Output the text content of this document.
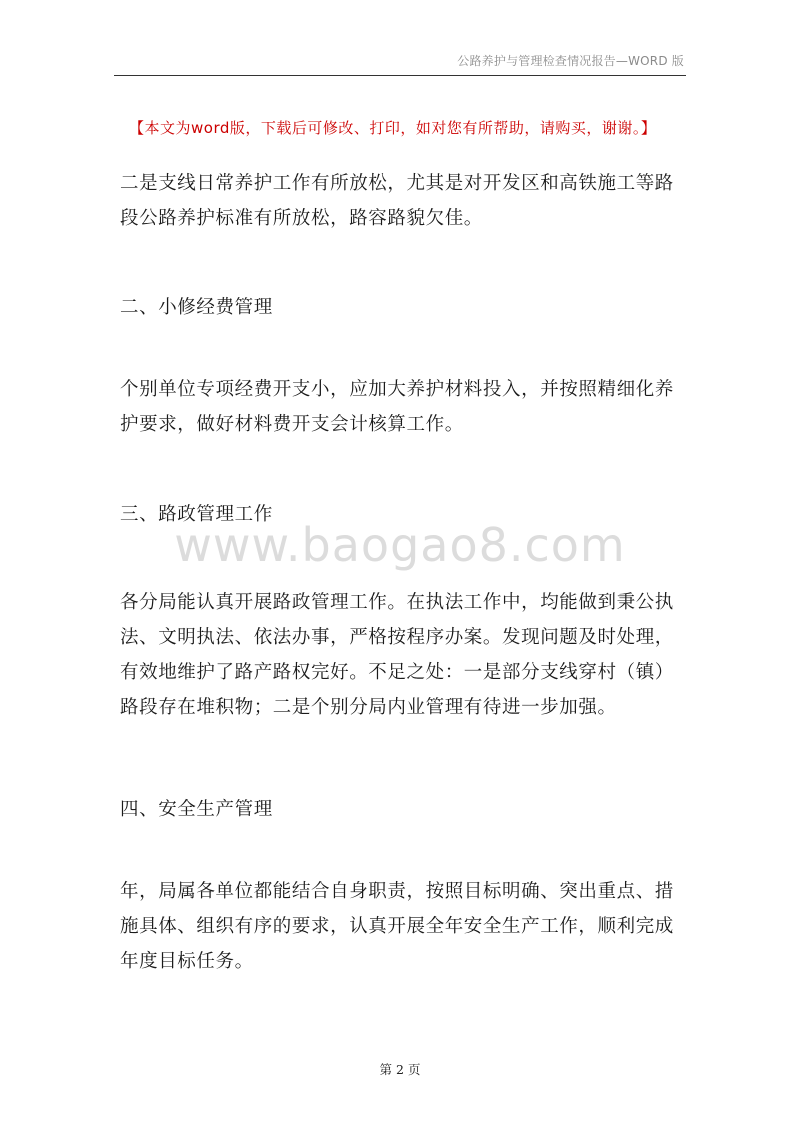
公路养护与管理检查情况报告—WORD 版
【本文为word版，下载后可修改、打印，如对您有所帮助，请购买，谢谢。】

二是支线日常养护工作有所放松，尤其是对开发区和高铁施工等路段公路养护标准有所放松，路容路貌欠佳。

二、小修经费管理

个别单位专项经费开支小，应加大养护材料投入，并按照精细化养护要求，做好材料费开支会计核算工作。

三、路政管理工作

www.baogao8.com

各分局能认真开展路政管理工作。在执法工作中，均能做到秉公执法、文明执法、依法办事，严格按程序办案。发现问题及时处理，有效地维护了路产路权完好。不足之处：一是部分支线穿村（镇）路段存在堆积物；二是个别分局内业管理有待进一步加强。

四、安全生产管理

年，局属各单位都能结合自身职责，按照目标明确、突出重点、措施具体、组织有序的要求，认真开展全年安全生产工作，顺利完成年度目标任务。

第 2 页
